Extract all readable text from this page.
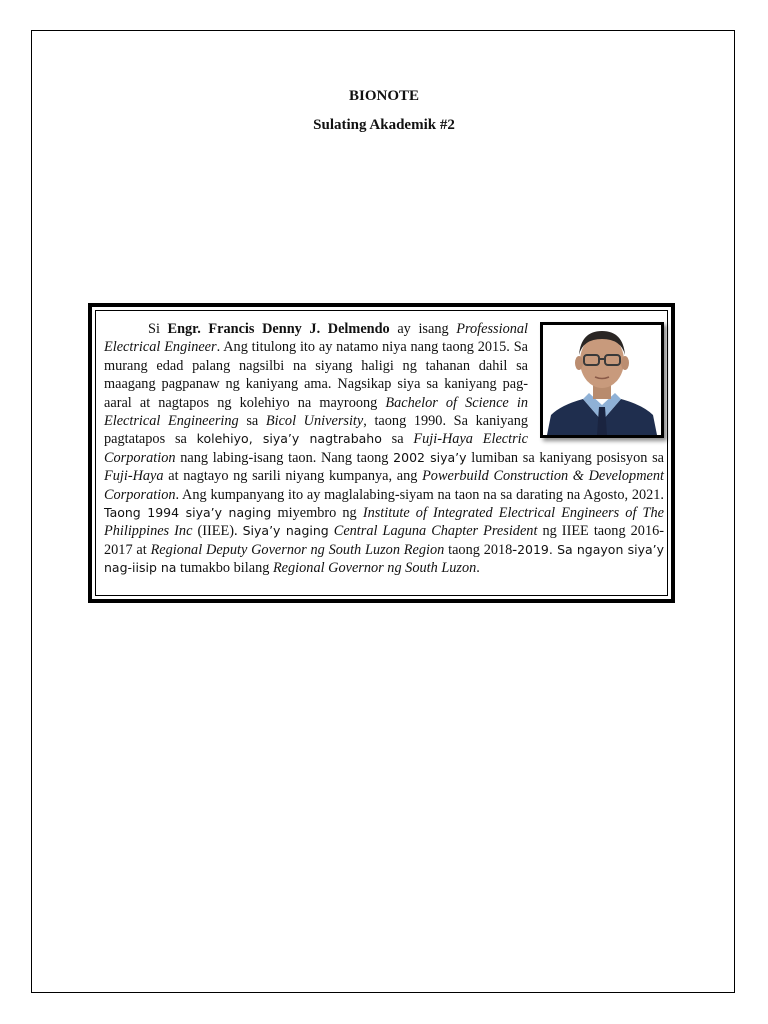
BIONOTE
Sulating Akademik #2

Si Engr. Francis Denny J. Delmendo ay isang Professional Electrical Engineer. Ang titulong ito ay natamo niya nang taong 2015. Sa murang edad palang nagsilbi na siyang haligi ng tahanan dahil sa maagang pagpanaw ng kaniyang ama. Nagsikap siya sa kaniyang pag-aaral at nagtapos ng kolehiyo na mayroong Bachelor of Science in Electrical Engineering sa Bicol University, taong 1990. Sa kaniyang pagtatapos sa kolehiyo, siya’y nagtrabaho sa Fuji-Haya Electric Corporation nang labing-isang taon. Nang taong 2002 siya’y lumiban sa kaniyang posisyon sa Fuji-Haya at nagtayo ng sarili niyang kumpanya, ang Powerbuild Construction & Development Corporation. Ang kumpanyang ito ay maglalabing-siyam na taon na sa darating na Agosto, 2021. Taong 1994 siya’y naging miyembro ng Institute of Integrated Electrical Engineers of The Philippines Inc (IIEE). Siya’y naging Central Laguna Chapter President ng IIEE taong 2016-2017 at Regional Deputy Governor ng South Luzon Region taong 2018-2019. Sa ngayon siya’y nag-iisip na tumakbo bilang Regional Governor ng South Luzon.
